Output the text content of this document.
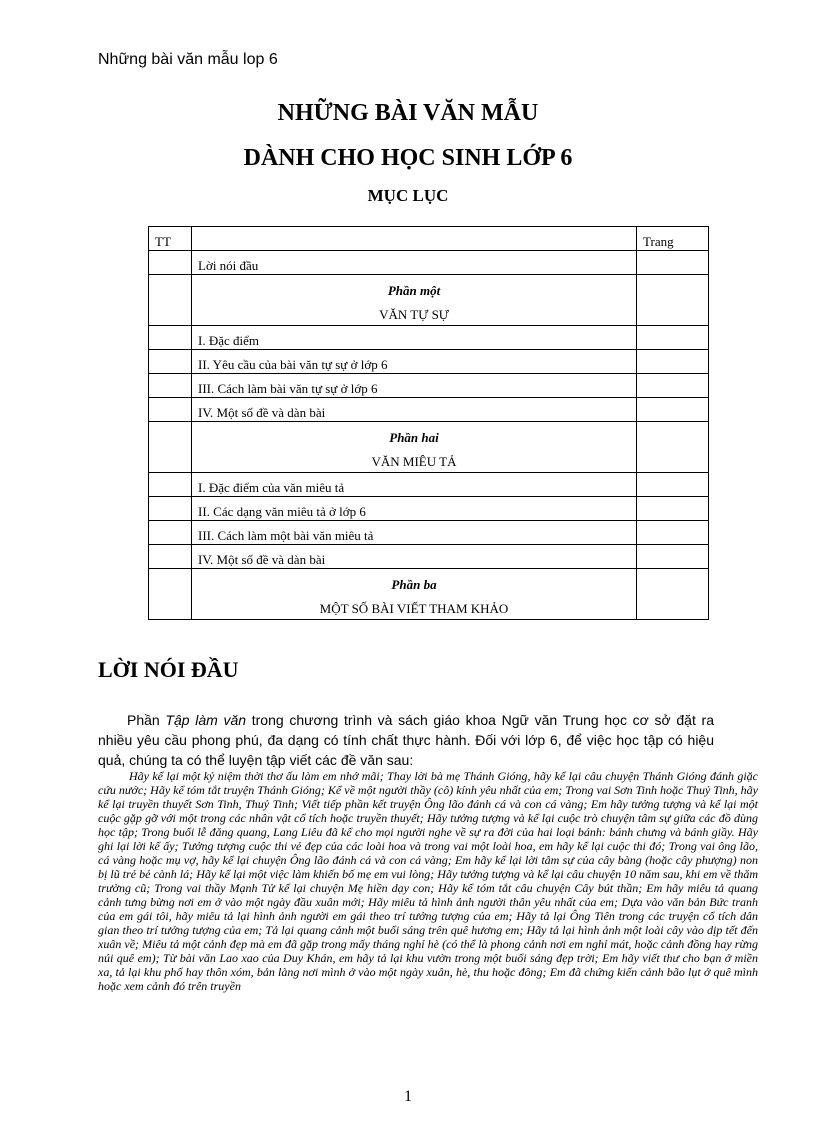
Những bài văn mẫu lop 6
NHỮNG BÀI VĂN MẪU
DÀNH CHO HỌC SINH LỚP 6
MỤC LỤC
TT		Trang
	Lời nói đầu	

	Phần một
VĂN TỰ SỰ	

	I. Đặc điểm	
	II. Yêu cầu của bài văn tự sự ở lớp 6	
	III. Cách làm bài văn tự sự ở lớp 6	
	IV. Một số đề và dàn bài	

	Phần hai
VĂN MIÊU TẢ	

	I. Đặc điểm của văn miêu tả	
	II. Các dạng văn miêu tả ở lớp 6	
	III. Cách làm một bài văn miêu tả	
	IV. Một số đề và dàn bài	

	Phần ba
MỘT SỐ BÀI VIẾT THAM KHẢO	

LỜI NÓI ĐẦU
Phần Tập làm văn trong chương trình và sách giáo khoa Ngữ văn Trung học cơ sở đặt ra nhiều yêu cầu phong phú, đa dạng có tính chất thực hành. Đối với lớp 6, để việc học tập có hiệu quả, chúng ta có thể luyện tập viết các đề văn sau:
Hãy kể lại một kỷ niệm thời thơ ấu làm em nhớ mãi; Thay lời bà mẹ Thánh Gióng, hãy kể lại câu chuyện Thánh Gióng đánh giặc cứu nước; Hãy kể tóm tắt truyện Thánh Gióng; Kể về một người thầy (cô) kính yêu nhất của em; Trong vai Sơn Tinh hoặc Thuỷ Tinh, hãy kể lại truyền thuyết Sơn Tinh, Thuỷ Tinh; Viết tiếp phần kết truyện Ông lão đánh cá và con cá vàng; Em hãy tưởng tượng và kể lại một cuộc gặp gỡ với một trong các nhân vật cổ tích hoặc truyền thuyết; Hãy tưởng tượng và kể lại cuộc trò chuyện tâm sự giữa các đồ dùng học tập; Trong buổi lễ đăng quang, Lang Liêu đã kể cho mọi người nghe về sự ra đời của hai loại bánh: bánh chưng và bánh giầy. Hãy ghi lại lời kể ấy; Tưởng tượng cuộc thi vẻ đẹp của các loài hoa và trong vai một loài hoa, em hãy kể lại cuộc thi đó; Trong vai ông lão, cá vàng hoặc mụ vợ, hãy kể lại chuyện Ông lão đánh cá và con cá vàng; Em hãy kể lại lời tâm sự của cây bàng (hoặc cây phượng) non bị lũ trẻ bẻ cành lá; Hãy kể lại một việc làm khiến bố mẹ em vui lòng; Hãy tưởng tượng và kể lại câu chuyện 10 năm sau, khi em về thăm trường cũ; Trong vai thầy Mạnh Tử kể lại chuyện Mẹ hiền dạy con; Hãy kể tóm tắt câu chuyện Cây bút thần; Em hãy miêu tả quang cảnh tưng bừng nơi em ở vào một ngày đầu xuân mới; Hãy miêu tả hình ảnh người thân yêu nhất của em; Dựa vào văn bản Bức tranh của em gái tôi, hãy miêu tả lại hình ảnh người em gái theo trí tưởng tượng của em; Hãy tả lại Ông Tiên trong các truyện cổ tích dân gian theo trí tưởng tượng của em; Tả lại quang cảnh một buổi sáng trên quê hương em; Hãy tả lại hình ảnh một loài cây vào dịp tết đến xuân về; Miêu tả một cảnh đẹp mà em đã gặp trong mấy tháng nghỉ hè (có thể là phong cảnh nơi em nghỉ mát, hoặc cảnh đồng hay rừng núi quê em); Từ bài văn Lao xao của Duy Khán, em hãy tả lại khu vườn trong một buổi sáng đẹp trời; Em hãy viết thư cho bạn ở miền xa, tả lại khu phố hay thôn xóm, bản làng nơi mình ở vào một ngày xuân, hè, thu hoặc đông; Em đã chứng kiến cảnh bão lụt ở quê mình hoặc xem cảnh đó trên truyền
1
